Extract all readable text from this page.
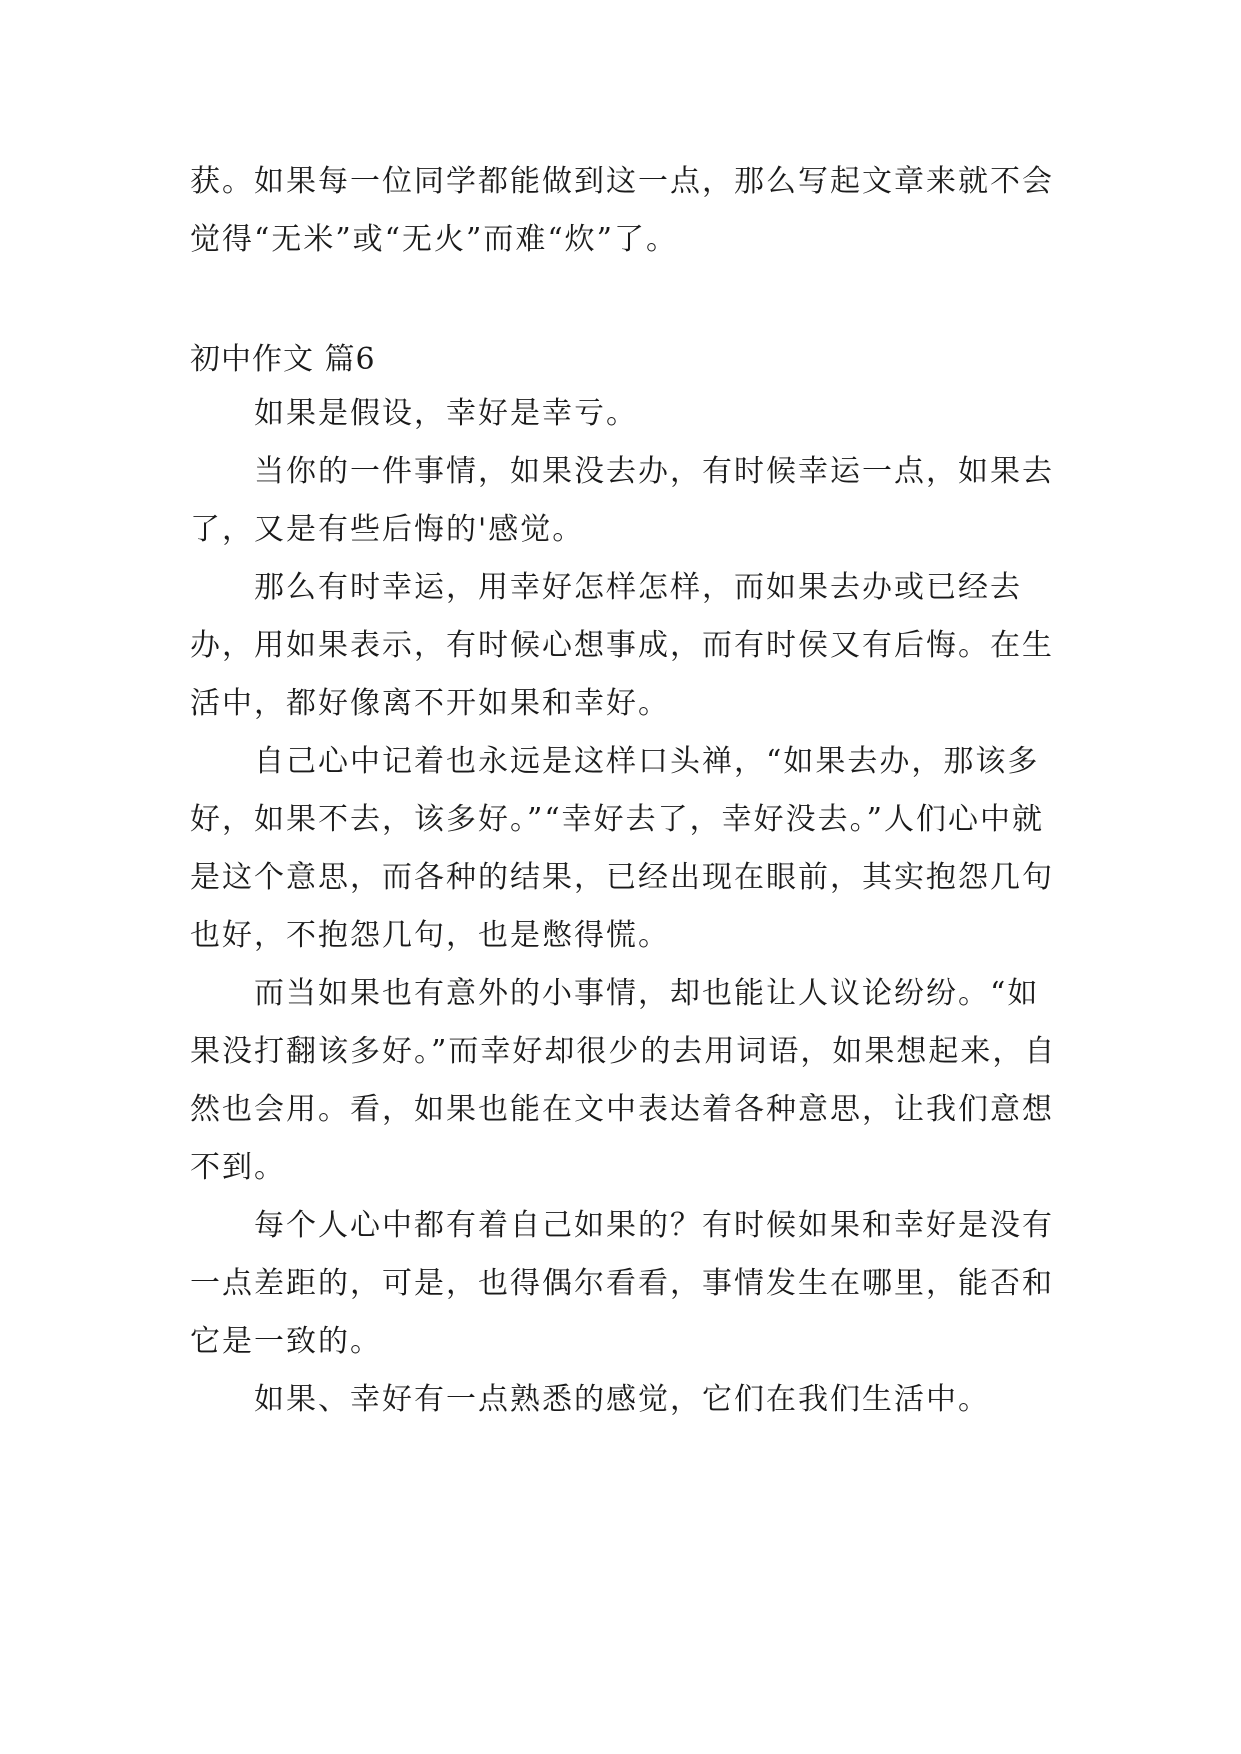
获。如果每一位同学都能做到这一点，那么写起文章来就不会觉得“无米”或“无火”而难“炊”了。

初中作文 篇6

如果是假设，幸好是幸亏。

当你的一件事情，如果没去办，有时候幸运一点，如果去了，又是有些后悔的'感觉。

那么有时幸运，用幸好怎样怎样，而如果去办或已经去办，用如果表示，有时候心想事成，而有时侯又有后悔。在生活中，都好像离不开如果和幸好。

自己心中记着也永远是这样口头禅，“如果去办，那该多好，如果不去，该多好。”“幸好去了，幸好没去。”人们心中就是这个意思，而各种的结果，已经出现在眼前，其实抱怨几句也好，不抱怨几句，也是憋得慌。

而当如果也有意外的小事情，却也能让人议论纷纷。“如果没打翻该多好。”而幸好却很少的去用词语，如果想起来，自然也会用。看，如果也能在文中表达着各种意思，让我们意想不到。

每个人心中都有着自己如果的？有时候如果和幸好是没有一点差距的，可是，也得偶尔看看，事情发生在哪里，能否和它是一致的。

如果、幸好有一点熟悉的感觉，它们在我们生活中。
